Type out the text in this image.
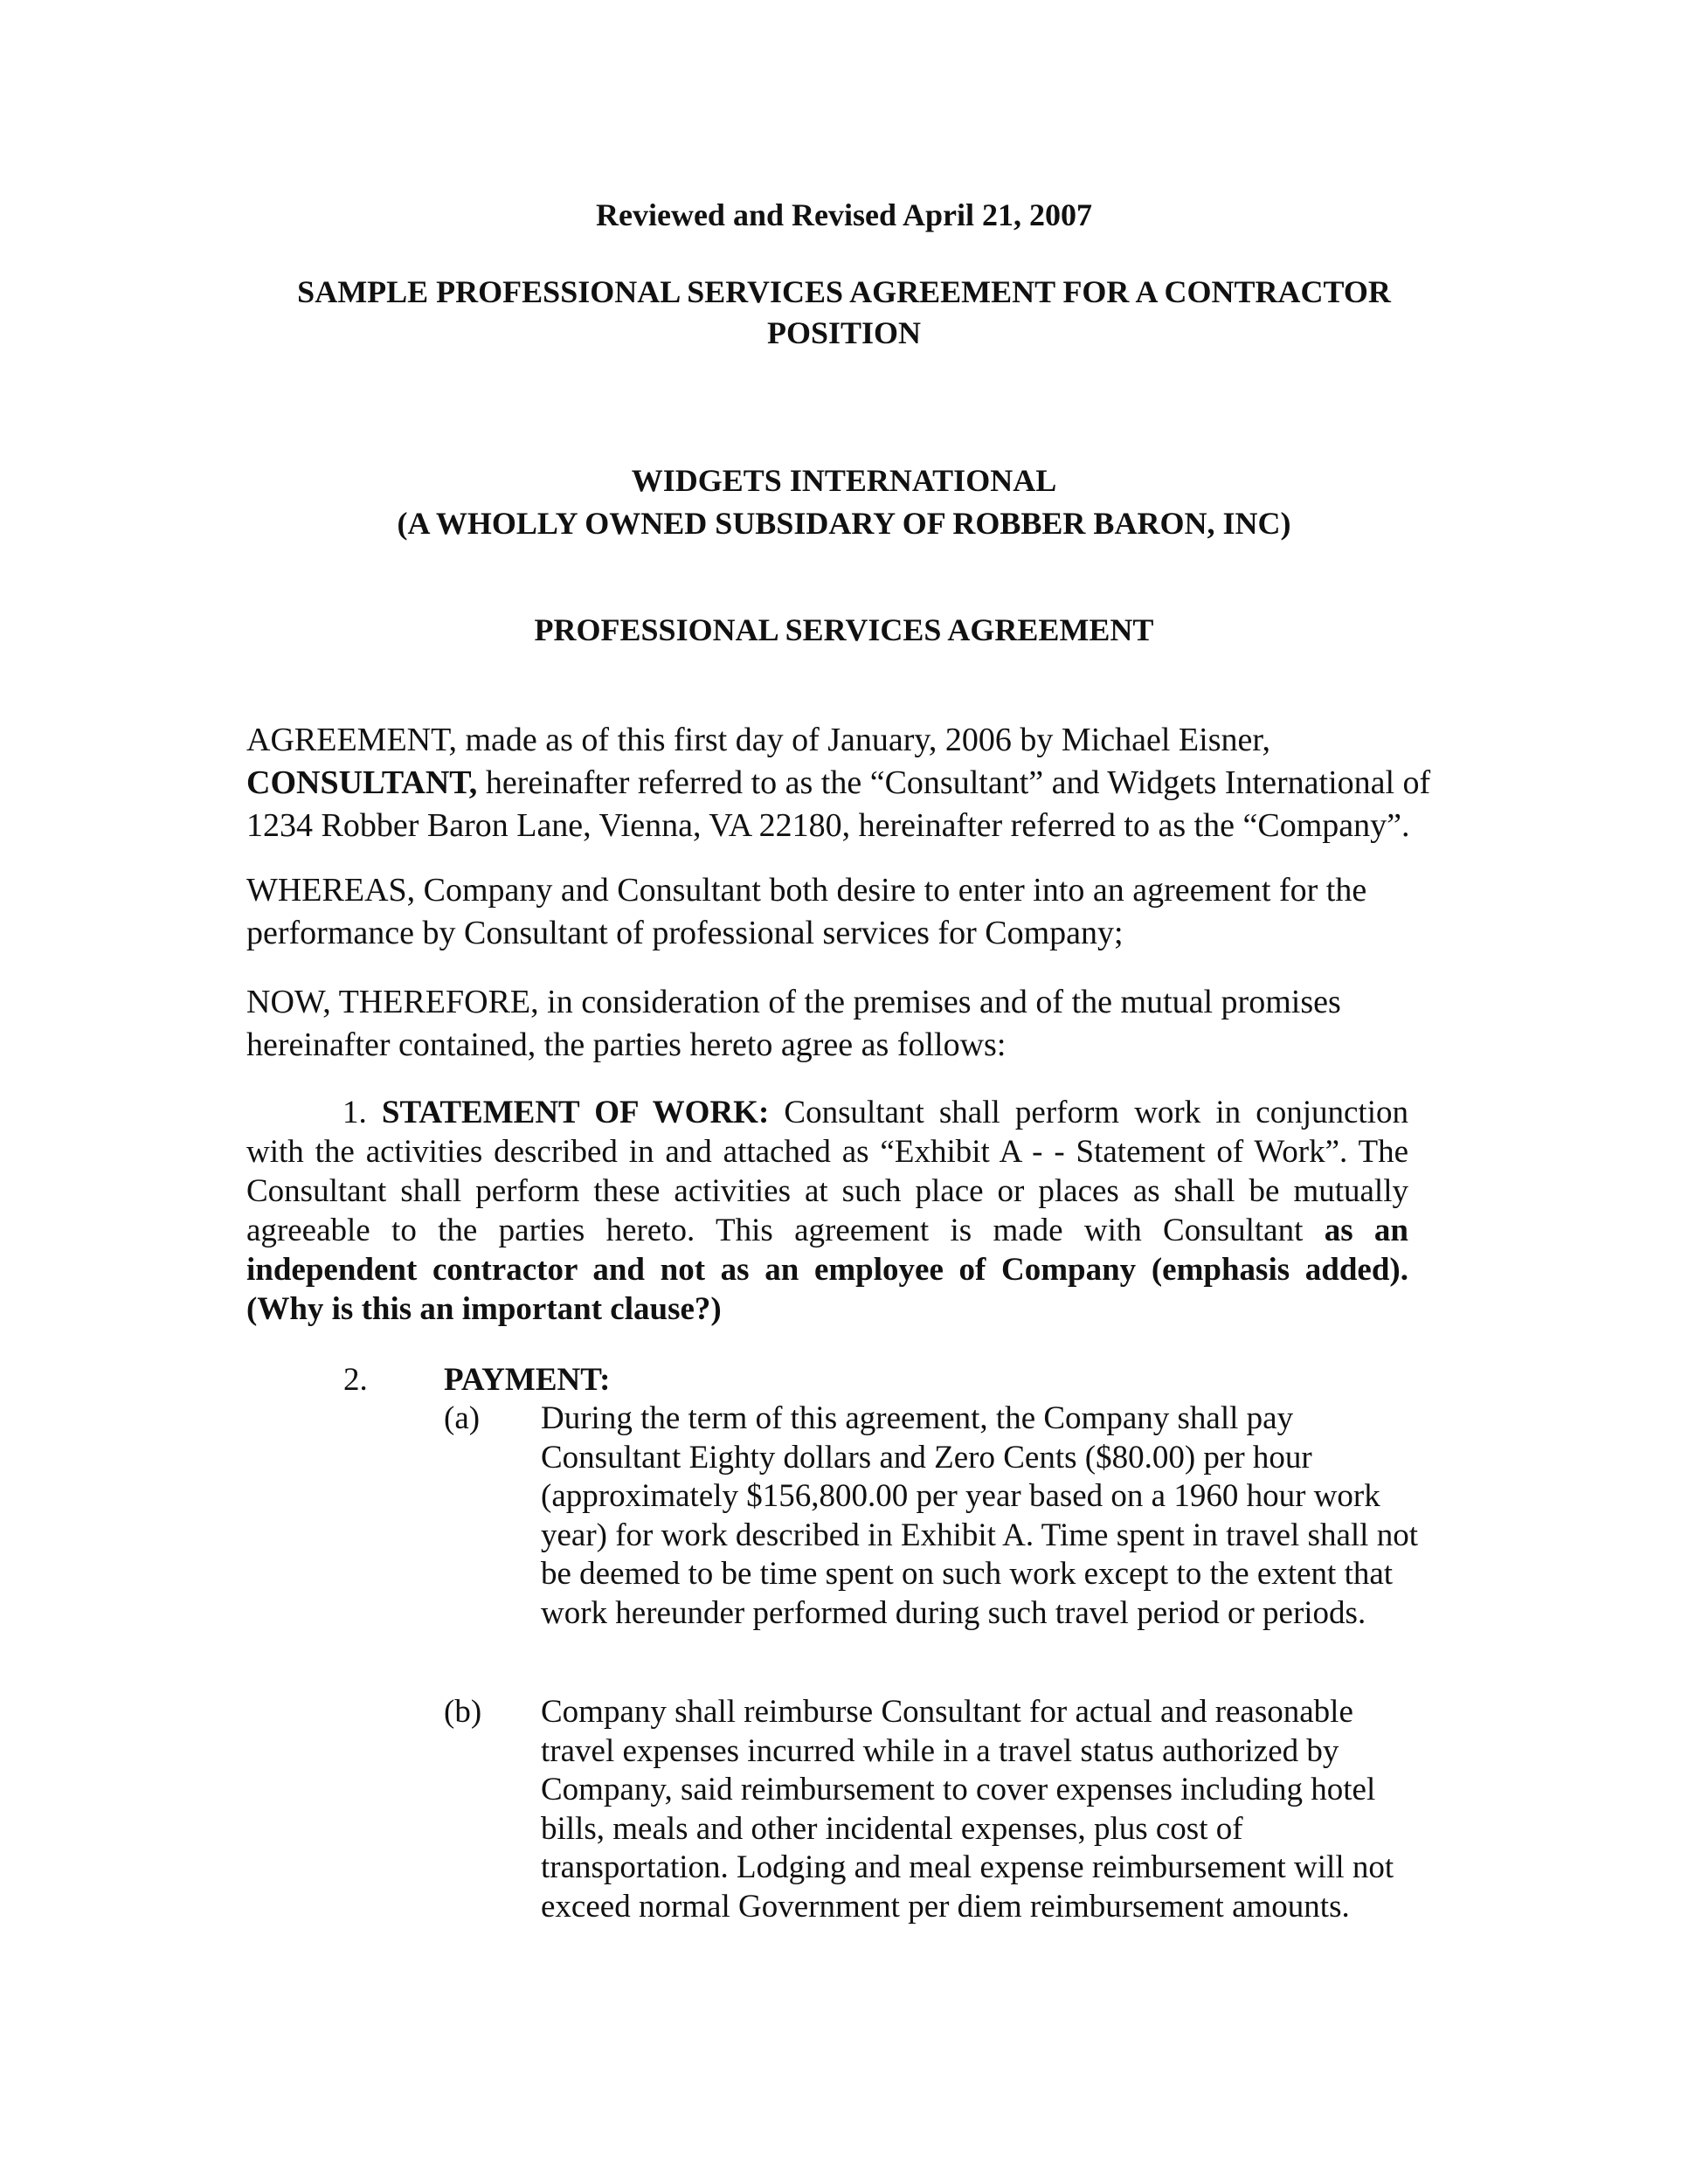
Reviewed and Revised April 21, 2007
SAMPLE PROFESSIONAL SERVICES AGREEMENT FOR A CONTRACTOR
POSITION
WIDGETS INTERNATIONAL
(A WHOLLY OWNED SUBSIDARY OF ROBBER BARON, INC)
PROFESSIONAL SERVICES AGREEMENT
AGREEMENT, made as of this first day of January, 2006 by Michael Eisner,
CONSULTANT, hereinafter referred to as the “Consultant” and Widgets International of 1234 Robber Baron Lane, Vienna, VA 22180, hereinafter referred to as the “Company”.
WHEREAS, Company and Consultant both desire to enter into an agreement for the performance by Consultant of professional services for Company;
NOW, THEREFORE, in consideration of the premises and of the mutual promises hereinafter contained, the parties hereto agree as follows:
1. STATEMENT OF WORK: Consultant shall perform work in conjunction with the activities described in and attached as “Exhibit A - - Statement of Work”. The Consultant shall perform these activities at such place or places as shall be mutually agreeable to the parties hereto. This agreement is made with Consultant as an independent contractor and not as an employee of Company (emphasis added). (Why is this an important clause?)
2. PAYMENT:
(a) During the term of this agreement, the Company shall pay Consultant Eighty dollars and Zero Cents ($80.00) per hour (approximately $156,800.00 per year based on a 1960 hour work year) for work described in Exhibit A. Time spent in travel shall not be deemed to be time spent on such work except to the extent that work hereunder performed during such travel period or periods.
(b) Company shall reimburse Consultant for actual and reasonable travel expenses incurred while in a travel status authorized by Company, said reimbursement to cover expenses including hotel bills, meals and other incidental expenses, plus cost of transportation. Lodging and meal expense reimbursement will not exceed normal Government per diem reimbursement amounts.
